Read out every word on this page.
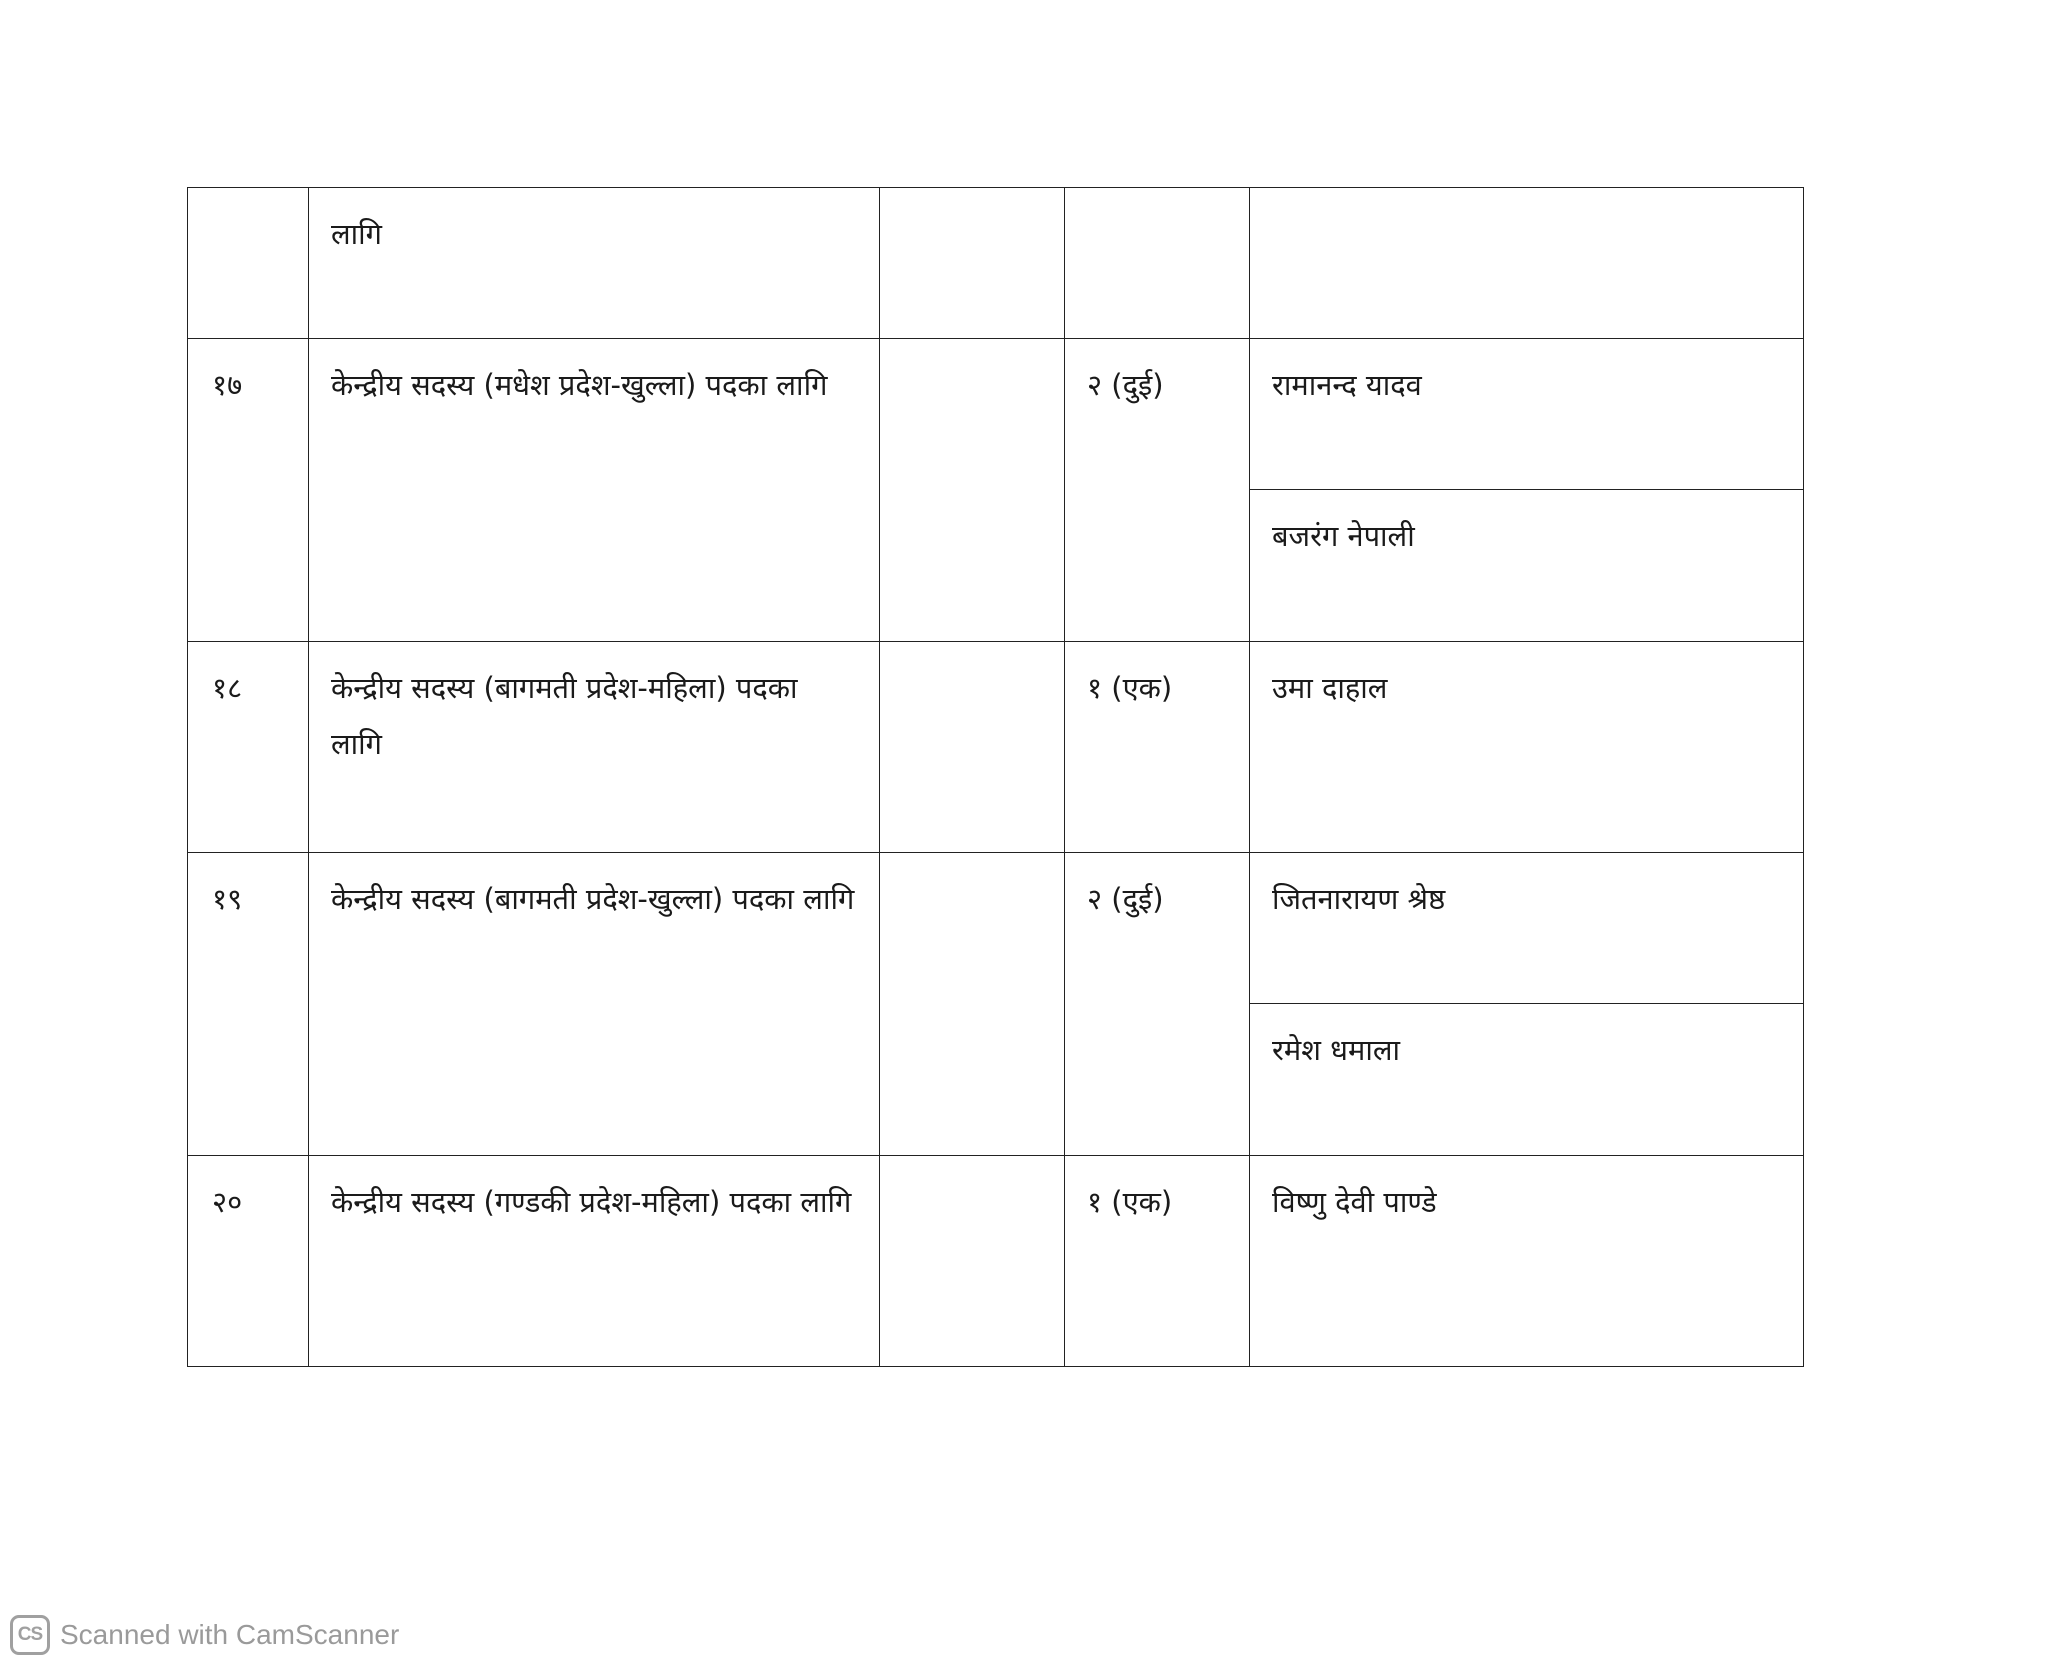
	लागि			

१७	केन्द्रीय सदस्य (मधेश प्रदेश-खुल्ला) पदका लागि		२ (दुई)	रामानन्द यादव

				बजरंग नेपाली

१८	केन्द्रीय सदस्य (बागमती प्रदेश-महिला) पदका लागि		१ (एक)	उमा दाहाल

१९	केन्द्रीय सदस्य (बागमती प्रदेश-खुल्ला) पदका लागि		२ (दुई)	जितनारायण श्रेष्ठ

				रमेश धमाला

२०	केन्द्रीय सदस्य (गण्डकी प्रदेश-महिला) पदका लागि		१ (एक)	विष्णु देवी पाण्डे
CS Scanned with CamScanner
